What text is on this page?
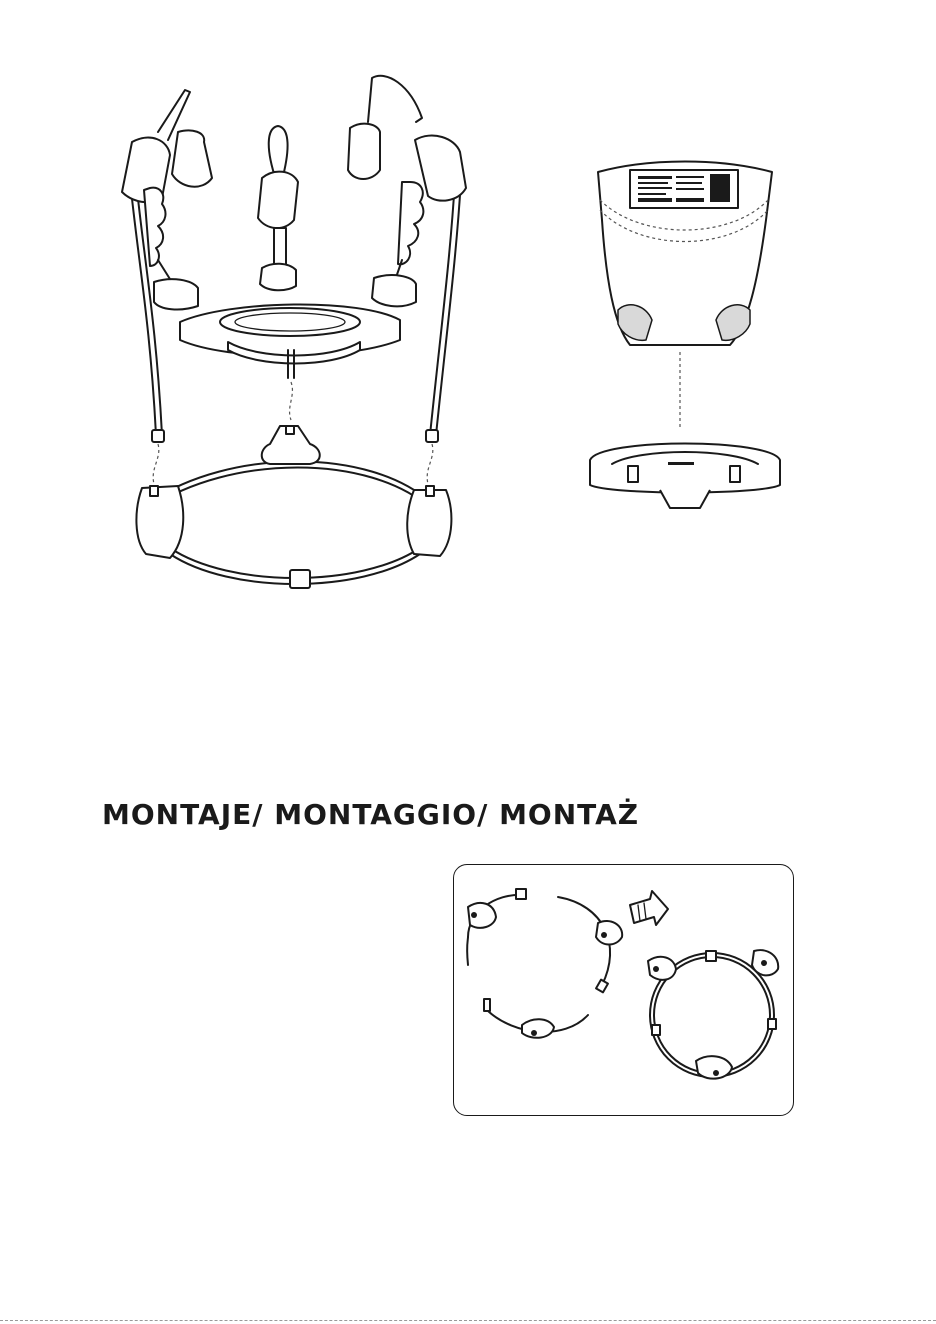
MONTAJE/ MONTAGGIO/ MONTAŻ
